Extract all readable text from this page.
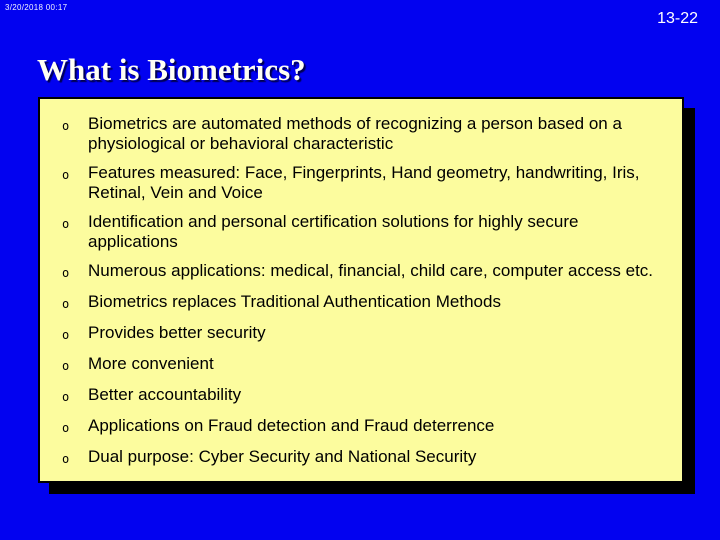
3/20/2018 00:17
13-22
What is Biometrics?
o	Biometrics are automated methods of recognizing a person based on a physiological or behavioral characteristic
o	Features measured: Face, Fingerprints, Hand geometry, handwriting, Iris, Retinal, Vein and Voice
o	Identification and personal certification solutions for highly secure applications
o	Numerous applications: medical, financial, child care, computer access etc.
o	Biometrics replaces Traditional Authentication Methods
o	Provides better security
o	More convenient
o	Better accountability
o	Applications on Fraud detection and Fraud deterrence
o	Dual purpose: Cyber Security and National Security
